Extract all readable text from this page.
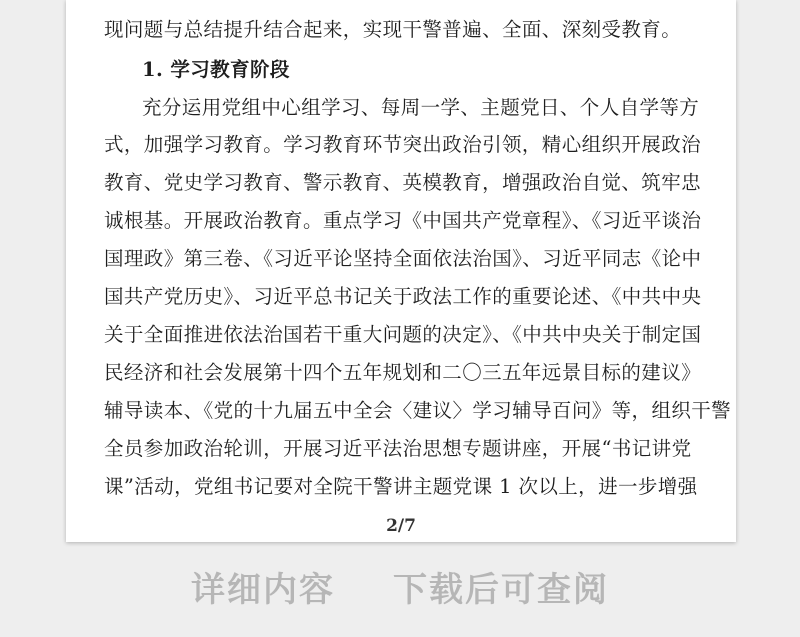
现问题与总结提升结合起来，实现干警普遍、全面、深刻受教育。
1. 学习教育阶段
充分运用党组中心组学习、每周一学、主题党日、个人自学等方
式，加强学习教育。学习教育环节突出政治引领，精心组织开展政治
教育、党史学习教育、警示教育、英模教育，增强政治自觉、筑牢忠
诚根基。开展政治教育。重点学习《中国共产党章程》、《习近平谈治
国理政》第三卷、《习近平论坚持全面依法治国》、习近平同志《论中
国共产党历史》、习近平总书记关于政法工作的重要论述、《中共中央
关于全面推进依法治国若干重大问题的决定》、《中共中央关于制定国
民经济和社会发展第十四个五年规划和二〇三五年远景目标的建议》
辅导读本、《党的十九届五中全会〈建议〉学习辅导百问》等，组织干警
全员参加政治轮训，开展习近平法治思想专题讲座，开展“书记讲党
课”活动，党组书记要对全院干警讲主题党课 1 次以上，进一步增强
2/7
详细内容 下载后可查阅
